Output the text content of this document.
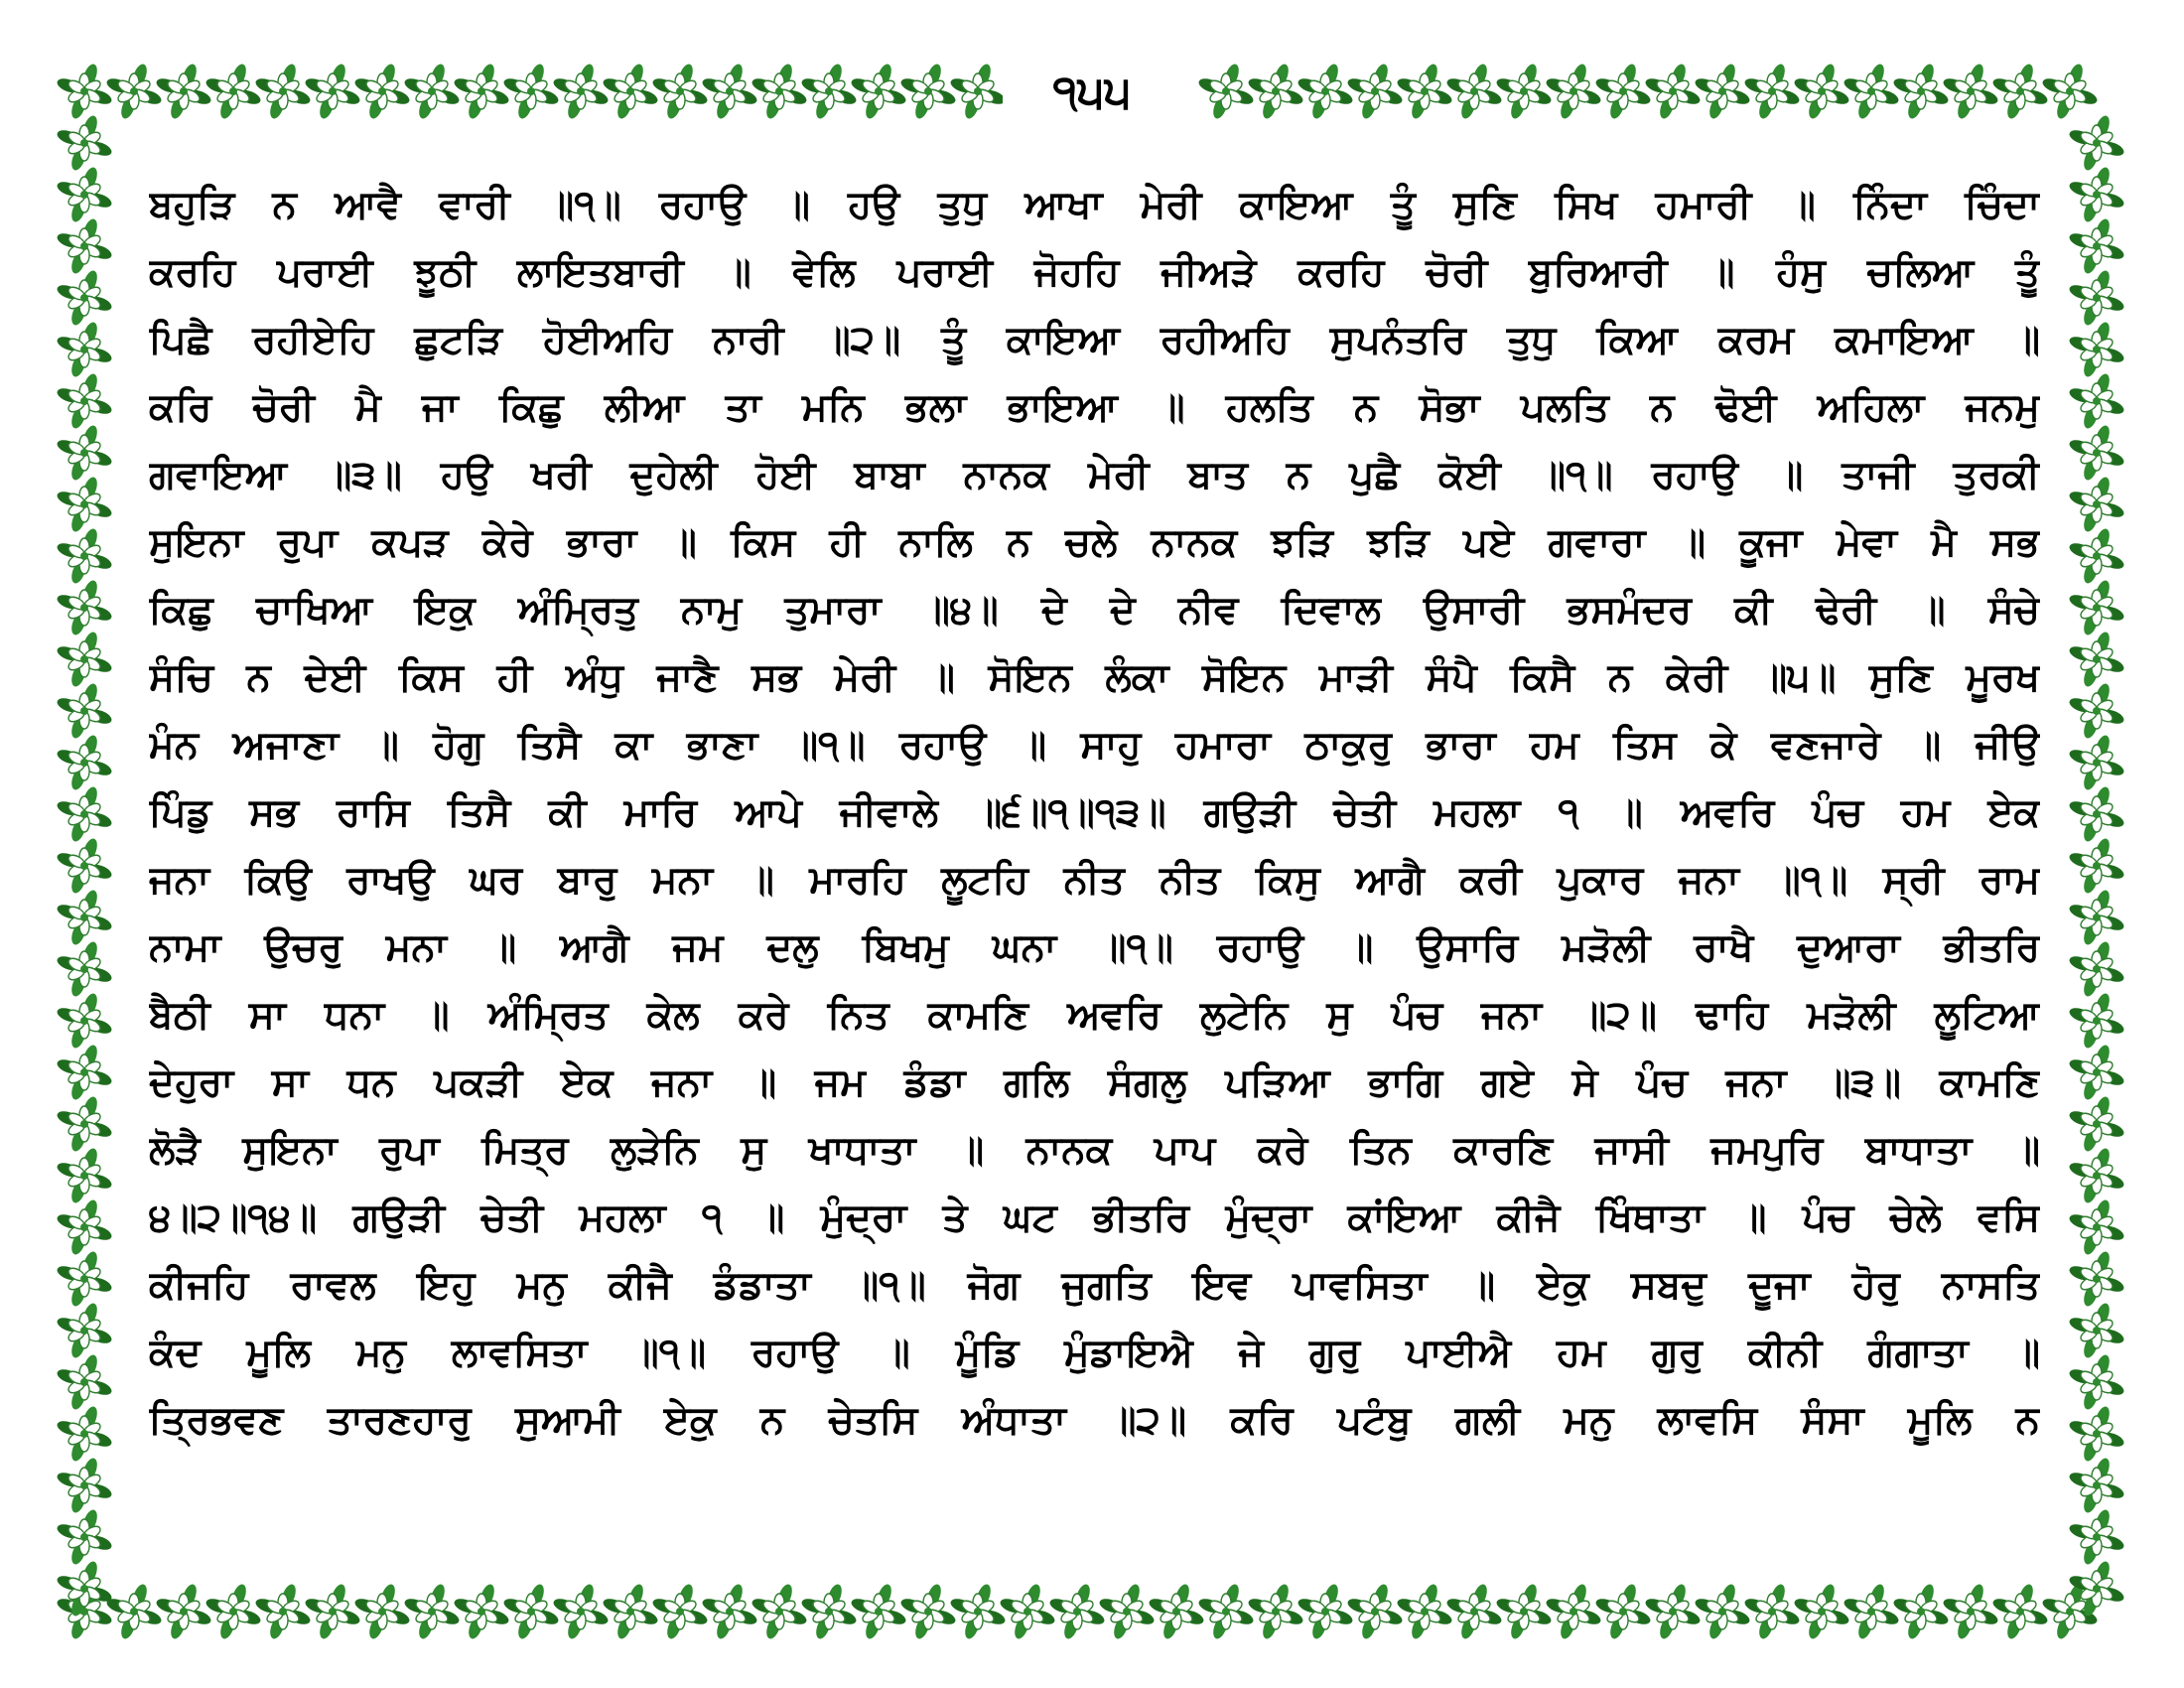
੧੫੫
ਬਹੁੜਿ ਨ ਆਵੈ ਵਾਰੀ ॥੧॥ ਰਹਾਉ ॥ ਹਉ ਤੁਧੁ ਆਖਾ ਮੇਰੀ ਕਾਇਆ ਤੂੰ ਸੁਣਿ ਸਿਖ ਹਮਾਰੀ ॥ ਨਿੰਦਾ ਚਿੰਦਾ
ਕਰਹਿ ਪਰਾਈ ਝੂਠੀ ਲਾਇਤਬਾਰੀ ॥ ਵੇਲਿ ਪਰਾਈ ਜੋਹਹਿ ਜੀਅੜੇ ਕਰਹਿ ਚੋਰੀ ਬੁਰਿਆਰੀ ॥ ਹੰਸੁ ਚਲਿਆ ਤੂੰ
ਪਿਛੈ ਰਹੀਏਹਿ ਛੁਟੜਿ ਹੋਈਅਹਿ ਨਾਰੀ ॥੨॥ ਤੂੰ ਕਾਇਆ ਰਹੀਅਹਿ ਸੁਪਨੰਤਰਿ ਤੁਧੁ ਕਿਆ ਕਰਮ ਕਮਾਇਆ ॥
ਕਰਿ ਚੋਰੀ ਮੈ ਜਾ ਕਿਛੁ ਲੀਆ ਤਾ ਮਨਿ ਭਲਾ ਭਾਇਆ ॥ ਹਲਤਿ ਨ ਸੋਭਾ ਪਲਤਿ ਨ ਢੋਈ ਅਹਿਲਾ ਜਨਮੁ
ਗਵਾਇਆ ॥੩॥ ਹਉ ਖਰੀ ਦੁਹੇਲੀ ਹੋਈ ਬਾਬਾ ਨਾਨਕ ਮੇਰੀ ਬਾਤ ਨ ਪੁਛੈ ਕੋਈ ॥੧॥ ਰਹਾਉ ॥ ਤਾਜੀ ਤੁਰਕੀ
ਸੁਇਨਾ ਰੁਪਾ ਕਪੜ ਕੇਰੇ ਭਾਰਾ ॥ ਕਿਸ ਹੀ ਨਾਲਿ ਨ ਚਲੇ ਨਾਨਕ ਝੜਿ ਝੜਿ ਪਏ ਗਵਾਰਾ ॥ ਕੂਜਾ ਮੇਵਾ ਮੈ ਸਭ
ਕਿਛੁ ਚਾਖਿਆ ਇਕੁ ਅੰਮ੍ਰਿਤੁ ਨਾਮੁ ਤੁਮਾਰਾ ॥੪॥ ਦੇ ਦੇ ਨੀਵ ਦਿਵਾਲ ਉਸਾਰੀ ਭਸਮੰਦਰ ਕੀ ਢੇਰੀ ॥ ਸੰਚੇ
ਸੰਚਿ ਨ ਦੇਈ ਕਿਸ ਹੀ ਅੰਧੁ ਜਾਣੈ ਸਭ ਮੇਰੀ ॥ ਸੋਇਨ ਲੰਕਾ ਸੋਇਨ ਮਾੜੀ ਸੰਪੈ ਕਿਸੈ ਨ ਕੇਰੀ ॥੫॥ ਸੁਣਿ ਮੂਰਖ
ਮੰਨ ਅਜਾਣਾ ॥ ਹੋਗੁ ਤਿਸੈ ਕਾ ਭਾਣਾ ॥੧॥ ਰਹਾਉ ॥ ਸਾਹੁ ਹਮਾਰਾ ਠਾਕੁਰੁ ਭਾਰਾ ਹਮ ਤਿਸ ਕੇ ਵਣਜਾਰੇ ॥ ਜੀਉ
ਪਿੰਡੁ ਸਭ ਰਾਸਿ ਤਿਸੈ ਕੀ ਮਾਰਿ ਆਪੇ ਜੀਵਾਲੇ ॥੬॥੧॥੧੩॥ ਗਉੜੀ ਚੇਤੀ ਮਹਲਾ ੧ ॥ ਅਵਰਿ ਪੰਚ ਹਮ ਏਕ
ਜਨਾ ਕਿਉ ਰਾਖਉ ਘਰ ਬਾਰੁ ਮਨਾ ॥ ਮਾਰਹਿ ਲੂਟਹਿ ਨੀਤ ਨੀਤ ਕਿਸੁ ਆਗੈ ਕਰੀ ਪੁਕਾਰ ਜਨਾ ॥੧॥ ਸ੍ਰੀ ਰਾਮ
ਨਾਮਾ ਉਚਰੁ ਮਨਾ ॥ ਆਗੈ ਜਮ ਦਲੁ ਬਿਖਮੁ ਘਨਾ ॥੧॥ ਰਹਾਉ ॥ ਉਸਾਰਿ ਮੜੋਲੀ ਰਾਖੈ ਦੁਆਰਾ ਭੀਤਰਿ
ਬੈਠੀ ਸਾ ਧਨਾ ॥ ਅੰਮ੍ਰਿਤ ਕੇਲ ਕਰੇ ਨਿਤ ਕਾਮਣਿ ਅਵਰਿ ਲੁਟੇਨਿ ਸੁ ਪੰਚ ਜਨਾ ॥੨॥ ਢਾਹਿ ਮੜੋਲੀ ਲੂਟਿਆ
ਦੇਹੁਰਾ ਸਾ ਧਨ ਪਕੜੀ ਏਕ ਜਨਾ ॥ ਜਮ ਡੰਡਾ ਗਲਿ ਸੰਗਲੁ ਪੜਿਆ ਭਾਗਿ ਗਏ ਸੇ ਪੰਚ ਜਨਾ ॥੩॥ ਕਾਮਣਿ
ਲੋੜੈ ਸੁਇਨਾ ਰੁਪਾ ਮਿਤ੍ਰ ਲੁੜੇਨਿ ਸੁ ਖਾਧਾਤਾ ॥ ਨਾਨਕ ਪਾਪ ਕਰੇ ਤਿਨ ਕਾਰਣਿ ਜਾਸੀ ਜਮਪੁਰਿ ਬਾਧਾਤਾ ॥
੪॥੨॥੧੪॥ ਗਉੜੀ ਚੇਤੀ ਮਹਲਾ ੧ ॥ ਮੁੰਦ੍ਰਾ ਤੇ ਘਟ ਭੀਤਰਿ ਮੁੰਦ੍ਰਾ ਕਾਂਇਆ ਕੀਜੈ ਖਿੰਥਾਤਾ ॥ ਪੰਚ ਚੇਲੇ ਵਸਿ
ਕੀਜਹਿ ਰਾਵਲ ਇਹੁ ਮਨੁ ਕੀਜੈ ਡੰਡਾਤਾ ॥੧॥ ਜੋਗ ਜੁਗਤਿ ਇਵ ਪਾਵਸਿਤਾ ॥ ਏਕੁ ਸਬਦੁ ਦੂਜਾ ਹੋਰੁ ਨਾਸਤਿ
ਕੰਦ ਮੂਲਿ ਮਨੁ ਲਾਵਸਿਤਾ ॥੧॥ ਰਹਾਉ ॥ ਮੂੰਡਿ ਮੁੰਡਾਇਐ ਜੇ ਗੁਰੁ ਪਾਈਐ ਹਮ ਗੁਰੁ ਕੀਨੀ ਗੰਗਾਤਾ ॥
ਤ੍ਰਿਭਵਣ ਤਾਰਣਹਾਰੁ ਸੁਆਮੀ ਏਕੁ ਨ ਚੇਤਸਿ ਅੰਧਾਤਾ ॥੨॥ ਕਰਿ ਪਟੰਬੁ ਗਲੀ ਮਨੁ ਲਾਵਸਿ ਸੰਸਾ ਮੂਲਿ ਨ
